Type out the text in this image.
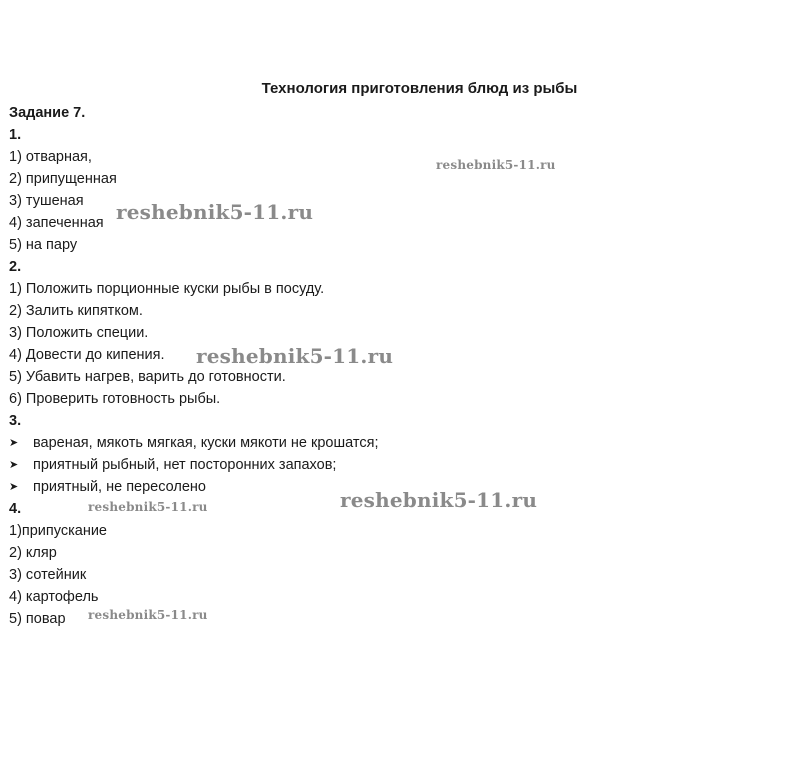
Технология приготовления блюд из рыбы
Задание 7.
1.
1) отварная,
2) припущенная
3) тушеная
4) запеченная
5) на пару
2.
1) Положить порционные куски рыбы в посуду.
2) Залить кипятком.
3) Положить специи.
4) Довести до кипения.
5) Убавить нагрев, варить до готовности.
6) Проверить готовность рыбы.
3.
➤	вареная, мякоть мягкая, куски мякоти не крошатся;
➤	приятный рыбный, нет посторонних запахов;
➤	приятный, не пересолено
4.
1)припускание
2) кляр
3) сотейник
4) картофель
5) повар
reshebnik5-11.ru
reshebnik5-11.ru
reshebnik5-11.ru
reshebnik5-11.ru
reshebnik5-11.ru
reshebnik5-11.ru
